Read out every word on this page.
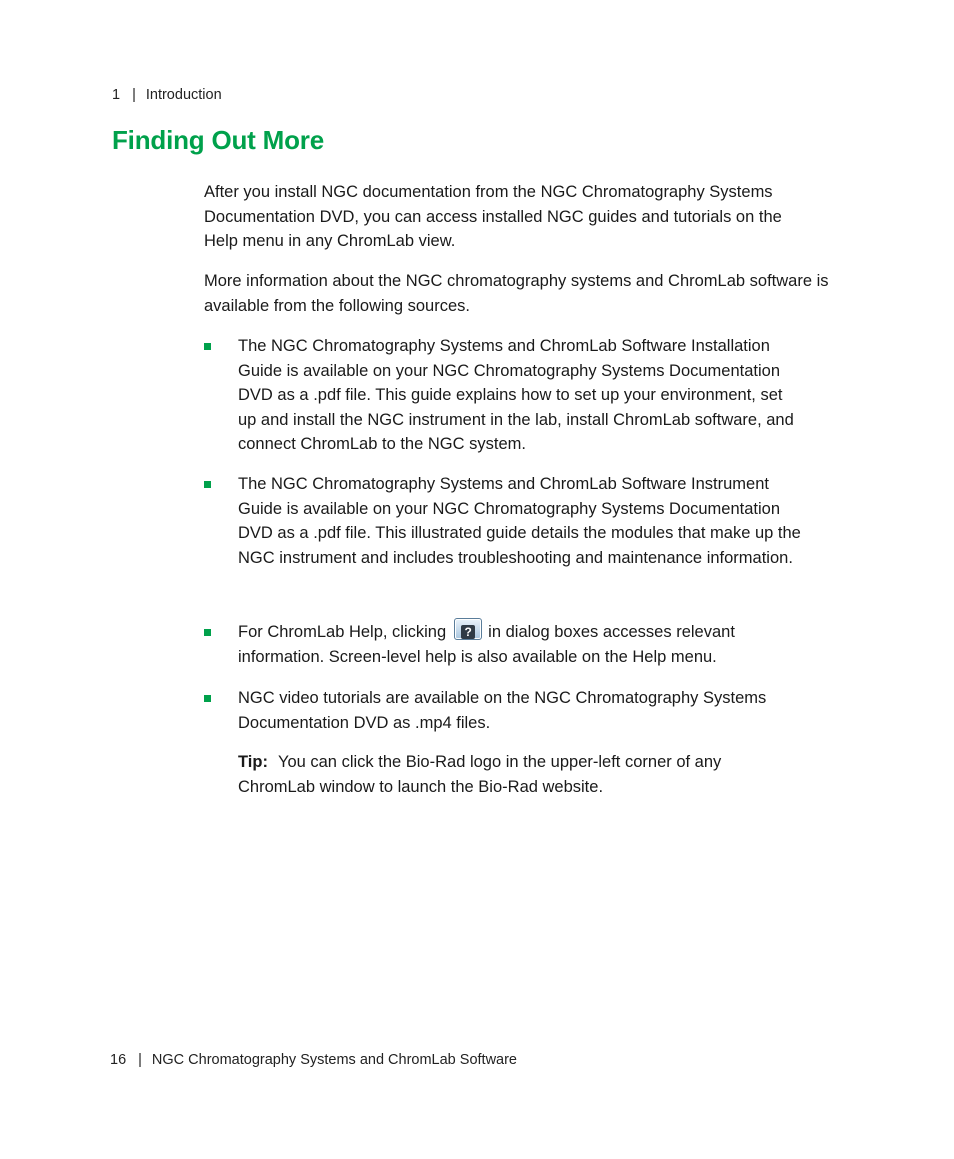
1 | Introduction
Finding Out More

After you install NGC documentation from the NGC Chromatography Systems Documentation DVD, you can access installed NGC guides and tutorials on the Help menu in any ChromLab view.

More information about the NGC chromatography systems and ChromLab software is available from the following sources.

The NGC Chromatography Systems and ChromLab Software Installation Guide is available on your NGC Chromatography Systems Documentation DVD as a .pdf file. This guide explains how to set up your environment, set up and install the NGC instrument in the lab, install ChromLab software, and connect ChromLab to the NGC system.
The NGC Chromatography Systems and ChromLab Software Instrument Guide is available on your NGC Chromatography Systems Documentation DVD as a .pdf file. This illustrated guide details the modules that make up the NGC instrument and includes troubleshooting and maintenance information.
For ChromLab Help, clicking ? in dialog boxes accesses relevant information. Screen-level help is also available on the Help menu.
NGC video tutorials are available on the NGC Chromatography Systems Documentation DVD as .mp4 files.
Tip: You can click the Bio-Rad logo in the upper-left corner of any ChromLab window to launch the Bio-Rad website.
16 | NGC Chromatography Systems and ChromLab Software
